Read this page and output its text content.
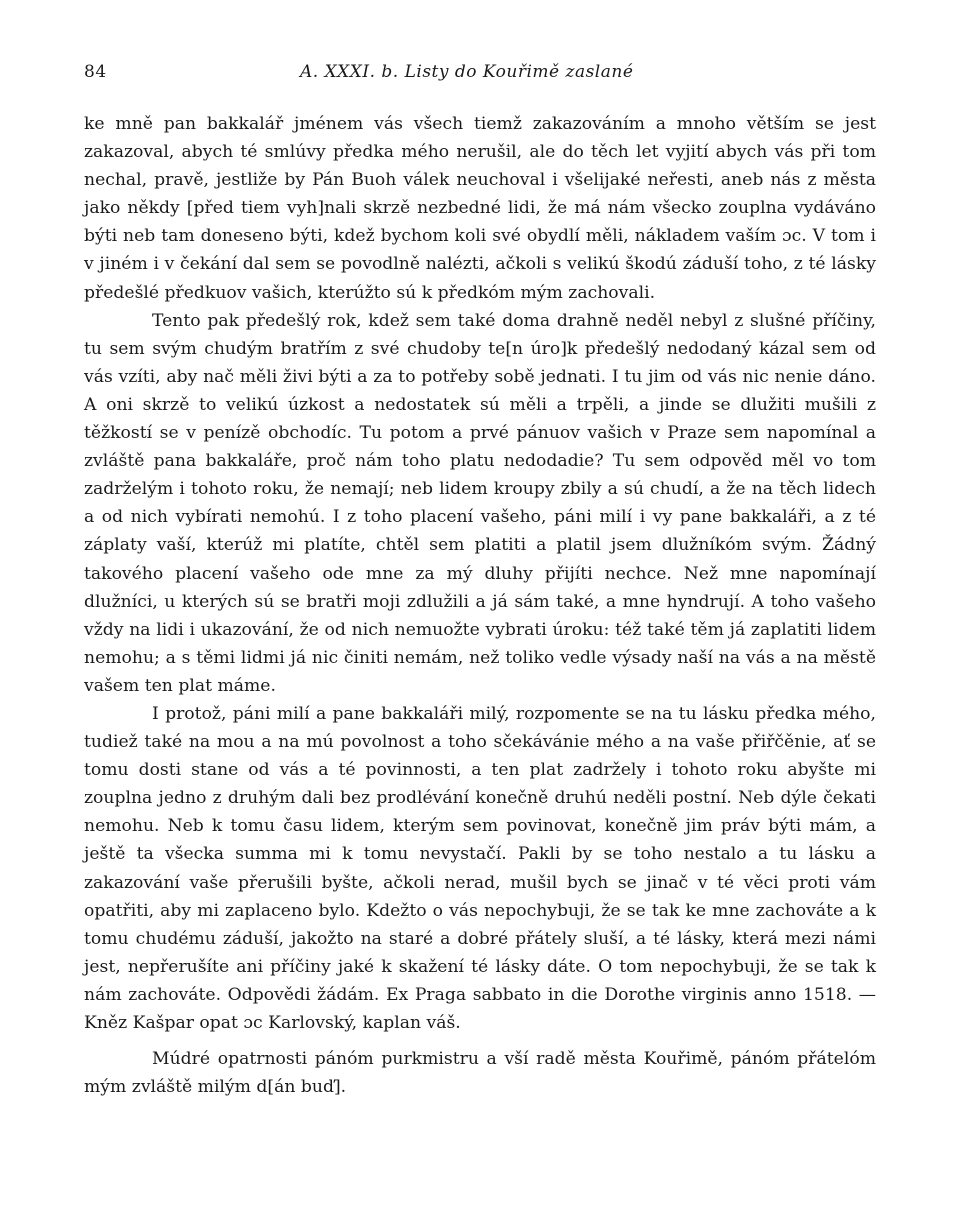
84	A. XXXI. b. Listy do Kouřimě zaslané

ke mně pan bakkalář jménem vás všech tiemž zakazováním a mnoho větším se jest zakazoval, abych té smlúvy předka mého nerušil, ale do těch let vyjití abych vás při tom nechal, pravě, jestliže by Pán Buoh válek neuchoval i všelijaké neřesti, aneb nás z města jako někdy [před tiem vyh]nali skrzě nezbedné lidi, že má nám všecko zouplna vydáváno býti neb tam doneseno býti, kdež bychom koli své obydlí měli, nákladem vaším ɔc. V tom i v jiném i v čekání dal sem se povodlně nalézti, ačkoli s velikú škodú záduší toho, z té lásky předešlé předkuov vašich, kterúžto sú k předkóm mým zachovali.

Tento pak předešlý rok, kdež sem také doma drahně neděl nebyl z slušné příčiny, tu sem svým chudým bratřím z své chudoby te[n úro]k předešlý nedodaný kázal sem od vás vzíti, aby nač měli živi býti a za to potřeby sobě jednati. I tu jim od vás nic nenie dáno. A oni skrzě to velikú úzkost a nedostatek sú měli a trpěli, a jinde se dlužiti mušili z těžkostí se v penízě obchodíc. Tu potom a prvé pánuov vašich v Praze sem napomínal a zvláště pana bakkaláře, proč nám toho platu nedodadie? Tu sem odpověd měl vo tom zadrželým i tohoto roku, že nemají; neb lidem kroupy zbily a sú chudí, a že na těch lidech a od nich vybírati nemohú. I z toho placení vašeho, páni milí i vy pane bakkaláři, a z té záplaty vaší, kterúž mi platíte, chtěl sem platiti a platil jsem dlužníkóm svým. Žádný takového placení vašeho ode mne za mý dluhy přijíti nechce. Než mne napomínají dlužníci, u kterých sú se bratři moji zdlužili a já sám také, a mne hyndrují. A toho vašeho vždy na lidi i ukazování, že od nich nemuožte vybrati úroku: též také těm já zaplatiti lidem nemohu; a s těmi lidmi já nic činiti nemám, než toliko vedle výsady naší na vás a na městě vašem ten plat máme.

I protož, páni milí a pane bakkaláři milý, rozpomente se na tu lásku předka mého, tudiež také na mou a na mú povolnost a toho sčekávánie mého a na vaše přiřčěnie, ať se tomu dosti stane od vás a té povinnosti, a ten plat zadržely i tohoto roku abyšte mi zouplna jedno z druhým dali bez prodlévání konečně druhú neděli postní. Neb dýle čekati nemohu. Neb k tomu času lidem, kterým sem povinovat, konečně jim práv býti mám, a ještě ta všecka summa mi k tomu nevystačí. Pakli by se toho nestalo a tu lásku a zakazování vaše přerušili byšte, ačkoli nerad, mušil bych se jinač v té věci proti vám opatřiti, aby mi zaplaceno bylo. Kdežto o vás nepochybuji, že se tak ke mne zachováte a k tomu chudému záduší, jakožto na staré a dobré přátely sluší, a té lásky, která mezi námi jest, nepřerušíte ani příčiny jaké k skažení té lásky dáte. O tom nepochybuji, že se tak k nám zachováte. Odpovědi žádám. Ex Praga sabbato in die Dorothe virginis anno 1518. — Kněz Kašpar opat ɔc Karlovský, kaplan váš.

Múdré opatrnosti pánóm purkmistru a vší radě města Kouřimě, pánóm přátelóm mým zvláště milým d[án buď].
